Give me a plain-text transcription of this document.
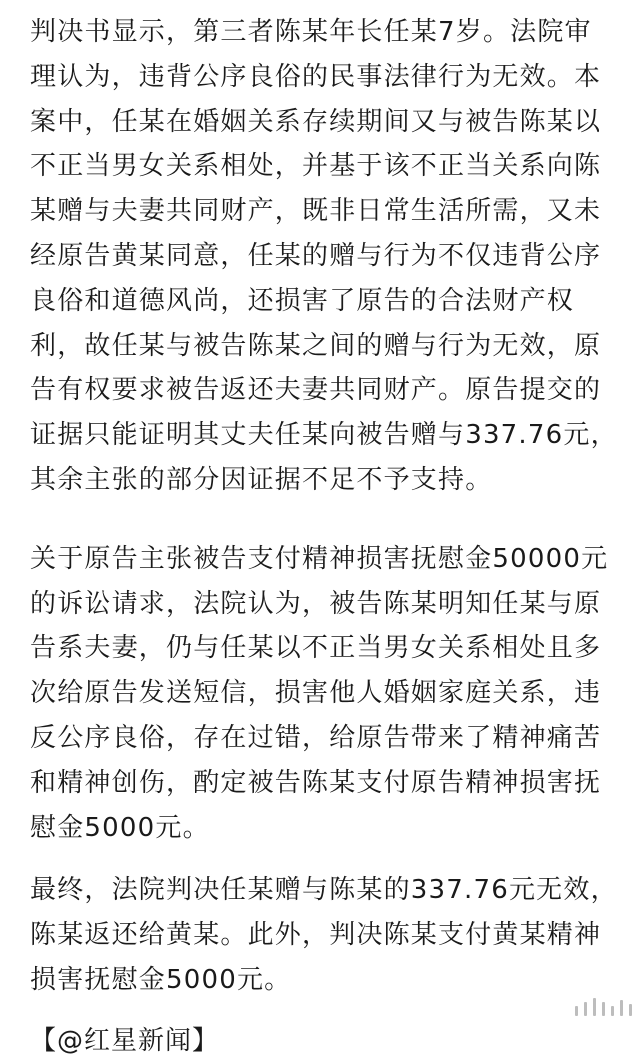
判决书显示，第三者陈某年长任某7岁。法院审理认为，违背公序良俗的民事法律行为无效。本案中，任某在婚姻关系存续期间又与被告陈某以不正当男女关系相处，并基于该不正当关系向陈某赠与夫妻共同财产，既非日常生活所需，又未经原告黄某同意，任某的赠与行为不仅违背公序良俗和道德风尚，还损害了原告的合法财产权利，故任某与被告陈某之间的赠与行为无效，原告有权要求被告返还夫妻共同财产。原告提交的证据只能证明其丈夫任某向被告赠与337.76元，其余主张的部分因证据不足不予支持。

关于原告主张被告支付精神损害抚慰金50000元的诉讼请求，法院认为，被告陈某明知任某与原告系夫妻，仍与任某以不正当男女关系相处且多次给原告发送短信，损害他人婚姻家庭关系，违反公序良俗，存在过错，给原告带来了精神痛苦和精神创伤，酌定被告陈某支付原告精神损害抚慰金5000元。

最终，法院判决任某赠与陈某的337.76元无效，陈某返还给黄某。此外，判决陈某支付黄某精神损害抚慰金5000元。

【@红星新闻】
